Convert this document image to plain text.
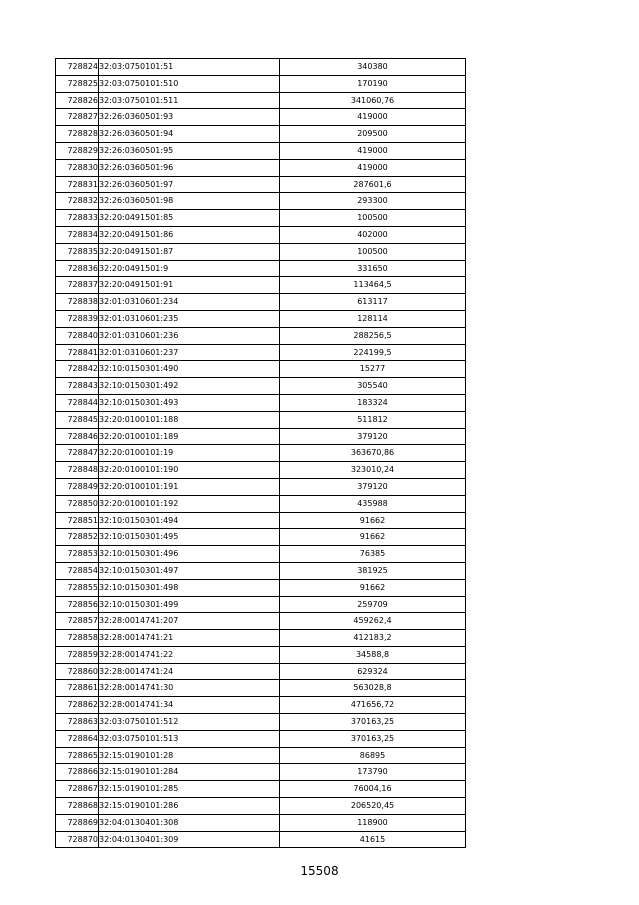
728824	32:03:0750101:51	340380
728825	32:03:0750101:510	170190
728826	32:03:0750101:511	341060,76
728827	32:26:0360501:93	419000
728828	32:26:0360501:94	209500
728829	32:26:0360501:95	419000
728830	32:26:0360501:96	419000
728831	32:26:0360501:97	287601,6
728832	32:26:0360501:98	293300
728833	32:20:0491501:85	100500
728834	32:20:0491501:86	402000
728835	32:20:0491501:87	100500
728836	32:20:0491501:9	331650
728837	32:20:0491501:91	113464,5
728838	32:01:0310601:234	613117
728839	32:01:0310601:235	128114
728840	32:01:0310601:236	288256,5
728841	32:01:0310601:237	224199,5
728842	32:10:0150301:490	15277
728843	32:10:0150301:492	305540
728844	32:10:0150301:493	183324
728845	32:20:0100101:188	511812
728846	32:20:0100101:189	379120
728847	32:20:0100101:19	363670,86
728848	32:20:0100101:190	323010,24
728849	32:20:0100101:191	379120
728850	32:20:0100101:192	435988
728851	32:10:0150301:494	91662
728852	32:10:0150301:495	91662
728853	32:10:0150301:496	76385
728854	32:10:0150301:497	381925
728855	32:10:0150301:498	91662
728856	32:10:0150301:499	259709
728857	32:28:0014741:207	459262,4
728858	32:28:0014741:21	412183,2
728859	32:28:0014741:22	34588,8
728860	32:28:0014741:24	629324
728861	32:28:0014741:30	563028,8
728862	32:28:0014741:34	471656,72
728863	32:03:0750101:512	370163,25
728864	32:03:0750101:513	370163,25
728865	32:15:0190101:28	86895
728866	32:15:0190101:284	173790
728867	32:15:0190101:285	76004,16
728868	32:15:0190101:286	206520,45
728869	32:04:0130401:308	118900
728870	32:04:0130401:309	41615
15508
